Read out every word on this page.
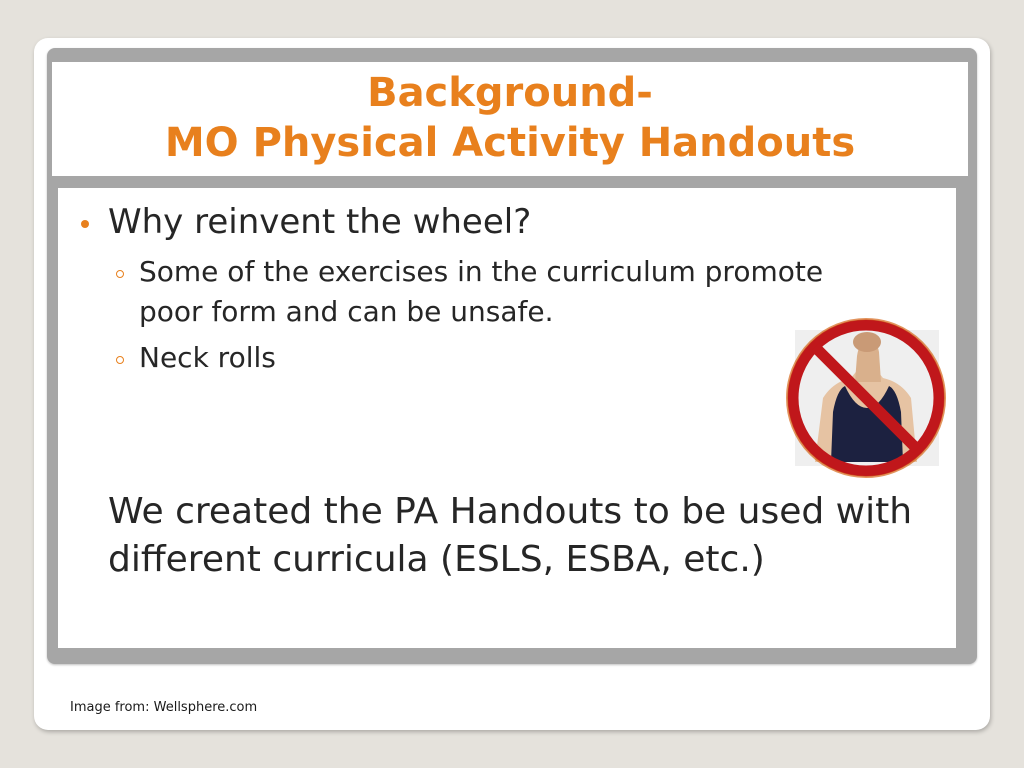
Background-
MO Physical Activity Handouts
Why reinvent the wheel?
Some of the exercises in the curriculum promote poor form and can be unsafe.
Neck rolls
We created the PA Handouts to be used with different curricula (ESLS, ESBA, etc.)
Image from: Wellsphere.com
